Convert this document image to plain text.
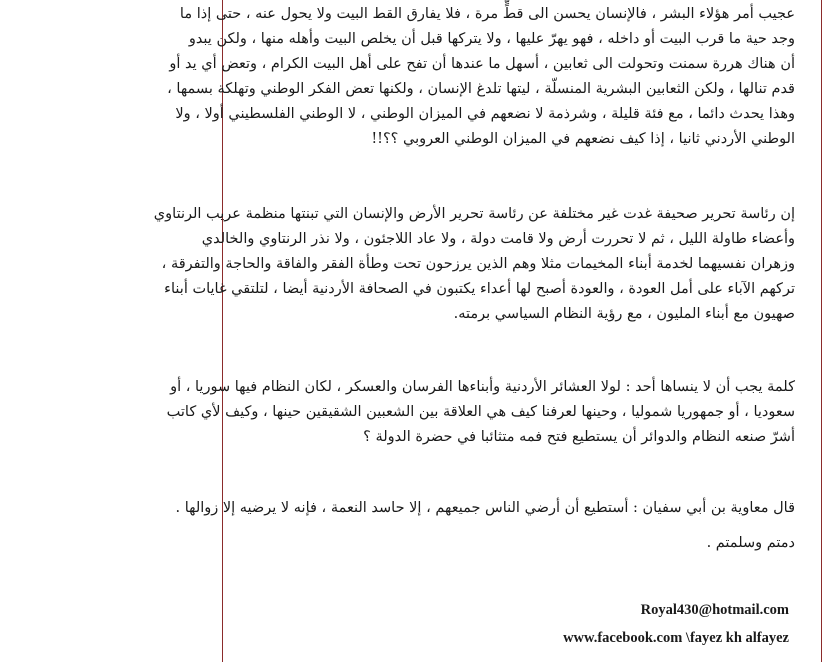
عجيب أمر هؤلاء البشر ، فالإنسان يحسن الى قطٍّ مرة ، فلا يفارق القط البيت ولا يحول عنه ، حتى إذا ما
وجد حية ما قرب البيت أو داخله ، فهو يهرّ عليها ، ولا يتركها قبل أن يخلص البيت وأهله منها ، ولكن يبدو
أن هناك هررة سمنت وتحولت الى ثعابين ، أسهل ما عندها أن تفح على أهل البيت الكرام ، وتعض أي يد أو
قدم تنالها ، ولكن الثعابين البشرية المنسلّة ، ليتها تلدغ الإنسان ، ولكنها تعض الفكر الوطني وتهلكة بسمها ،
وهذا يحدث دائما ، مع فئة قليلة ، وشرذمة لا نضعهم في الميزان الوطني ، لا الوطني الفلسطيني أولا ، ولا
الوطني الأردني ثانيا ، إذا كيف نضعهم في الميزان الوطني العروبي ؟؟!!

إن رئاسة تحرير صحيفة غدت غير مختلفة عن رئاسة تحرير الأرض والإنسان التي تبنتها منظمة عريب الرنتاوي
وأعضاء طاولة الليل ، ثم لا تحررت أرض ولا قامت دولة ، ولا عاد اللاجئون ، ولا نذر الرنتاوي والخالدي
وزهران نفسيهما لخدمة أبناء المخيمات مثلا وهم الذين يرزحون تحت وطأة الفقر والفاقة والحاجة والتفرقة ،
تركهم الآباء على أمل العودة ، والعودة أصبح لها أعداء يكتبون في الصحافة الأردنية أيضا ، لتلتقي غايات أبناء
صهيون مع أبناء المليون ، مع رؤية النظام السياسي برمته.

كلمة يجب أن لا ينساها أحد : لولا العشائر الأردنية وأبناءها الفرسان والعسكر ، لكان النظام فيها سوريا ، أو
سعوديا ، أو جمهوريا شموليا ، وحينها لعرفنا كيف هي العلاقة بين الشعبين الشقيقين حينها ، وكيف لأي كاتب
أشرّ صنعه النظام والدوائر أن يستطيع فتح فمه متثائبا في حضرة الدولة ؟

قال معاوية بن أبي سفيان : أستطيع أن أرضي الناس جميعهم ، إلا حاسد النعمة ، فإنه لا يرضيه إلا زوالها .

دمتم وسلمتم .

Royal430@hotmail.com

www.facebook.com \fayez kh alfayez
